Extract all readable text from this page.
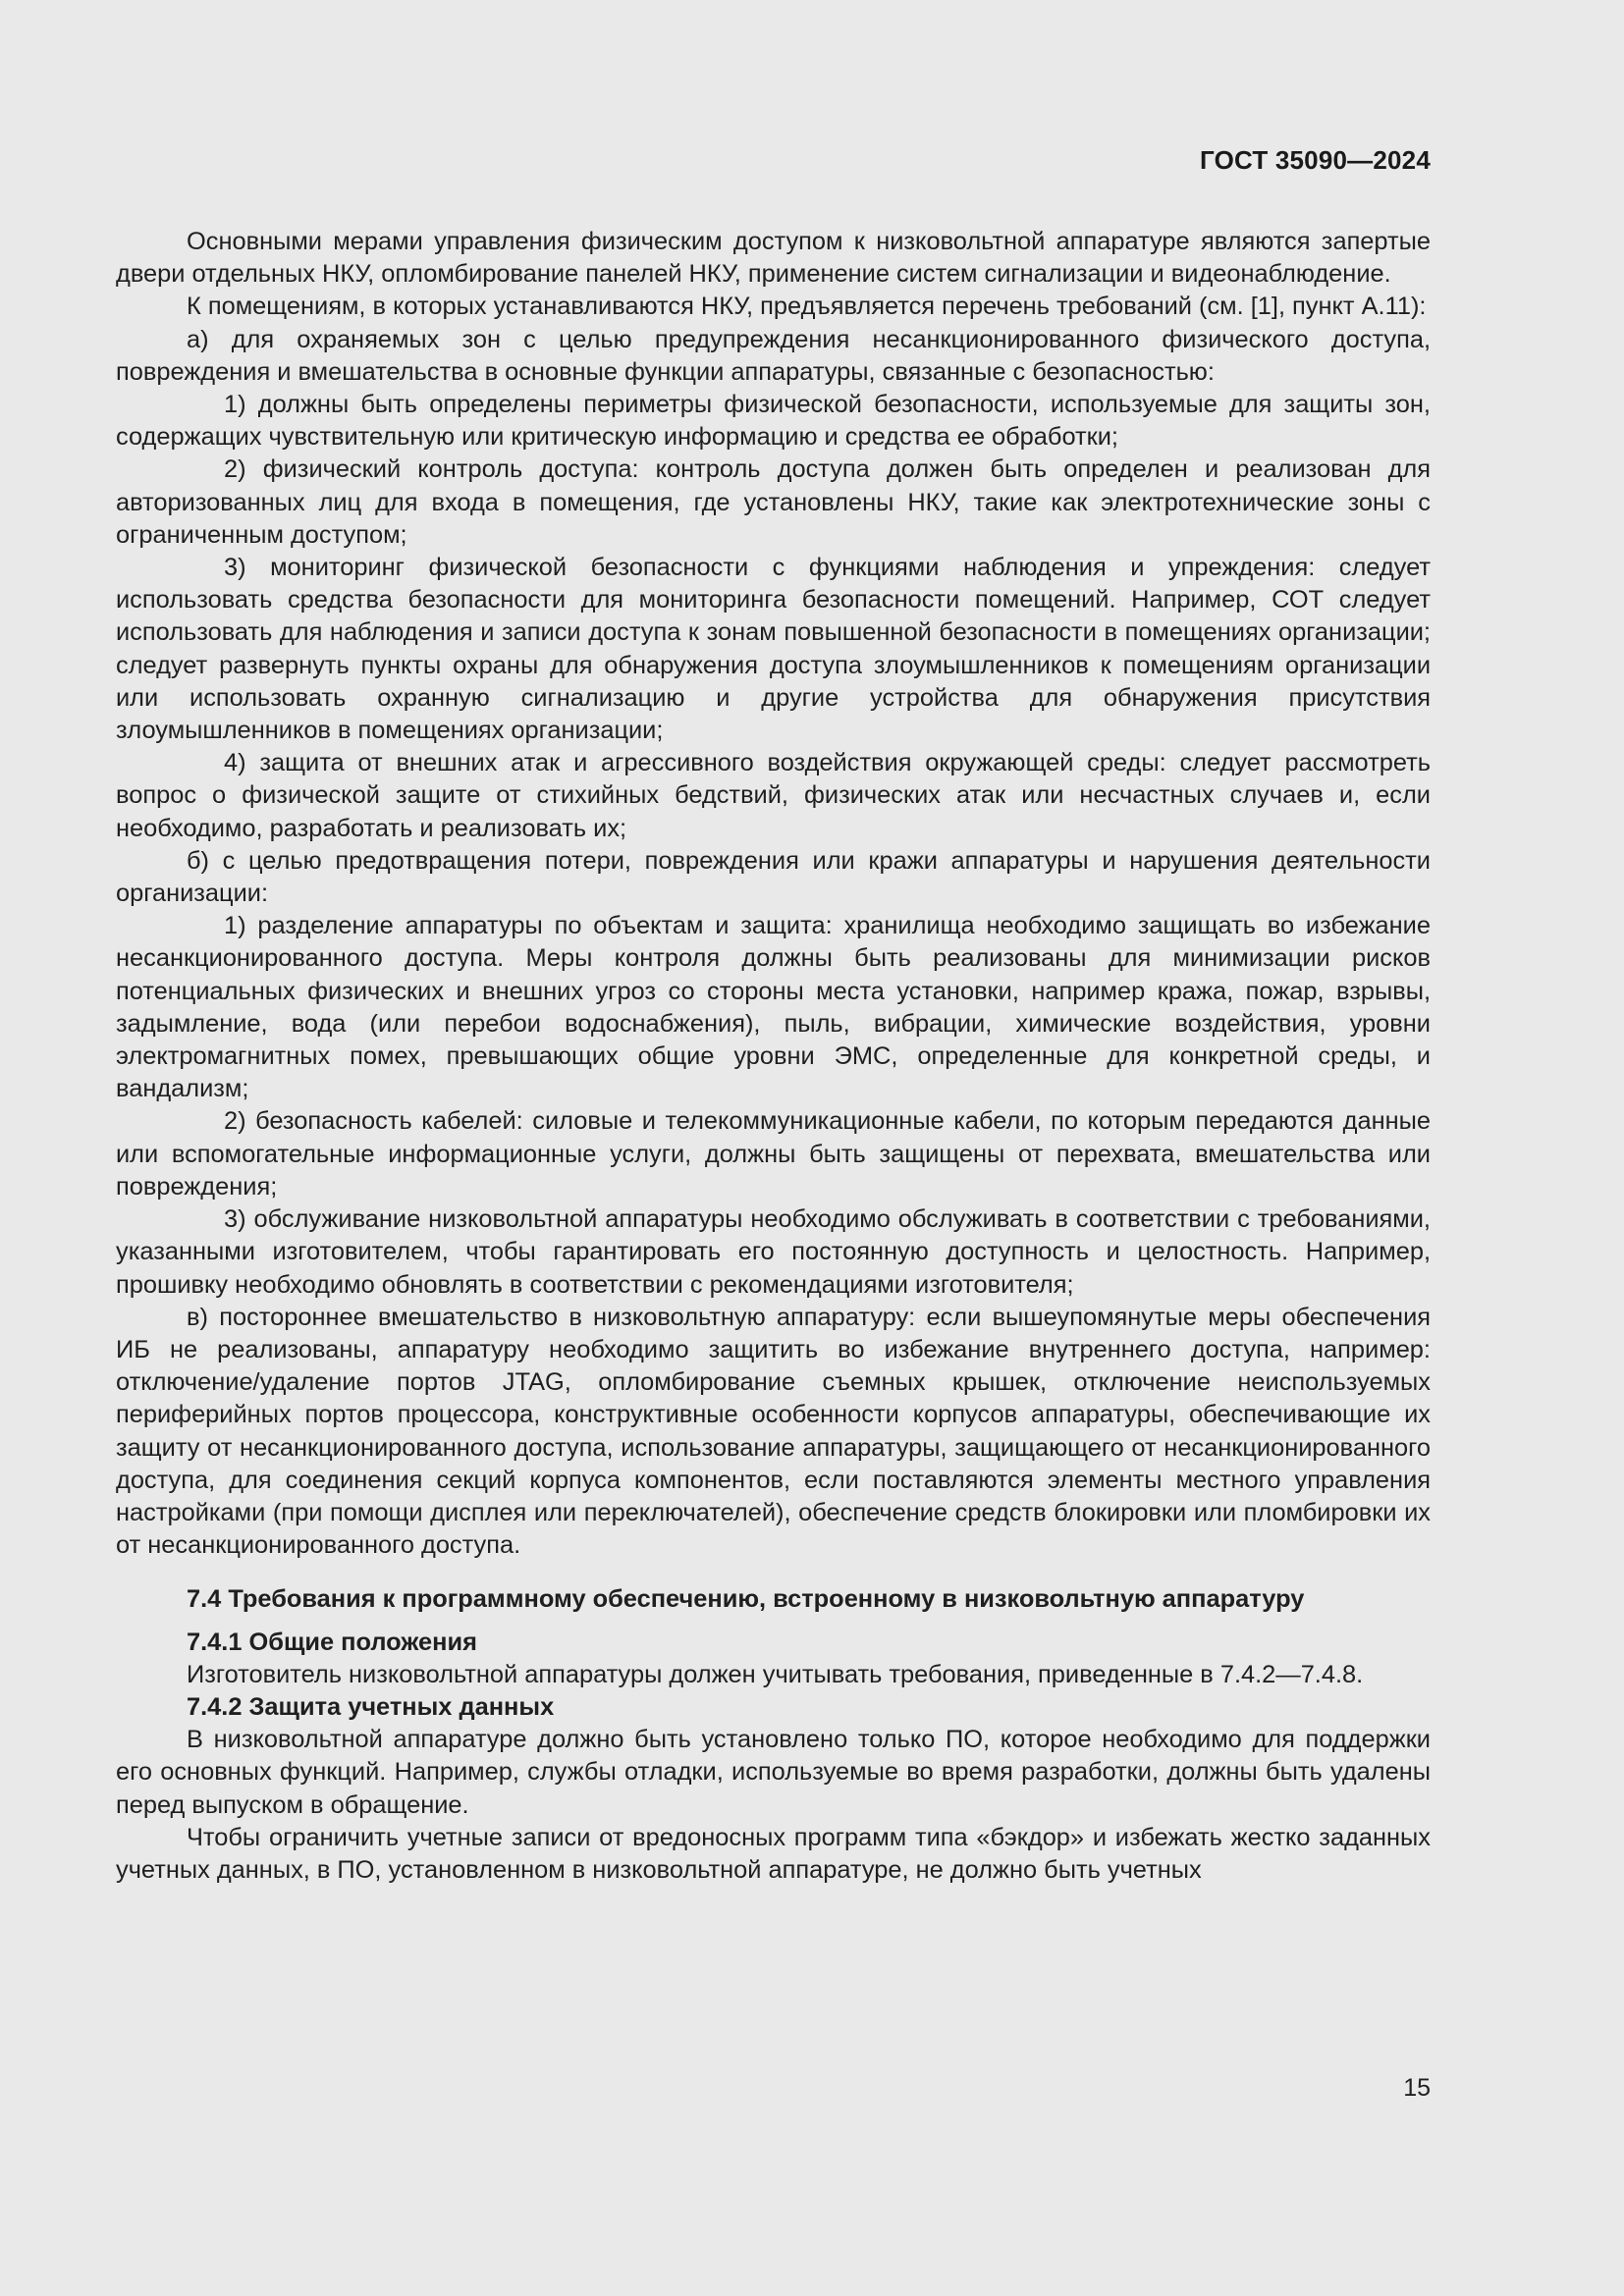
ГОСТ 35090—2024

Основными мерами управления физическим доступом к низковольтной аппаратуре являются запертые двери отдельных НКУ, опломбирование панелей НКУ, применение систем сигнализации и видеонаблюдение.

К помещениям, в которых устанавливаются НКУ, предъявляется перечень требований (см. [1], пункт А.11):

а) для охраняемых зон с целью предупреждения несанкционированного физического доступа, повреждения и вмешательства в основные функции аппаратуры, связанные с безопасностью:

1) должны быть определены периметры физической безопасности, используемые для защиты зон, содержащих чувствительную или критическую информацию и средства ее обработки;

2) физический контроль доступа: контроль доступа должен быть определен и реализован для авторизованных лиц для входа в помещения, где установлены НКУ, такие как электротехнические зоны с ограниченным доступом;

3) мониторинг физической безопасности с функциями наблюдения и упреждения: следует использовать средства безопасности для мониторинга безопасности помещений. Например, СОТ следует использовать для наблюдения и записи доступа к зонам повышенной безопасности в помещениях организации; следует развернуть пункты охраны для обнаружения доступа злоумышленников к помещениям организации или использовать охранную сигнализацию и другие устройства для обнаружения присутствия злоумышленников в помещениях организации;

4) защита от внешних атак и агрессивного воздействия окружающей среды: следует рассмотреть вопрос о физической защите от стихийных бедствий, физических атак или несчастных случаев и, если необходимо, разработать и реализовать их;

б) с целью предотвращения потери, повреждения или кражи аппаратуры и нарушения деятельности организации:

1) разделение аппаратуры по объектам и защита: хранилища необходимо защищать во избежание несанкционированного доступа. Меры контроля должны быть реализованы для минимизации рисков потенциальных физических и внешних угроз со стороны места установки, например кража, пожар, взрывы, задымление, вода (или перебои водоснабжения), пыль, вибрации, химические воздействия, уровни электромагнитных помех, превышающих общие уровни ЭМС, определенные для конкретной среды, и вандализм;

2) безопасность кабелей: силовые и телекоммуникационные кабели, по которым передаются данные или вспомогательные информационные услуги, должны быть защищены от перехвата, вмешательства или повреждения;

3) обслуживание низковольтной аппаратуры необходимо обслуживать в соответствии с требованиями, указанными изготовителем, чтобы гарантировать его постоянную доступность и целостность. Например, прошивку необходимо обновлять в соответствии с рекомендациями изготовителя;

в) постороннее вмешательство в низковольтную аппаратуру: если вышеупомянутые меры обеспечения ИБ не реализованы, аппаратуру необходимо защитить во избежание внутреннего доступа, например: отключение/удаление портов JTAG, опломбирование съемных крышек, отключение неиспользуемых периферийных портов процессора, конструктивные особенности корпусов аппаратуры, обеспечивающие их защиту от несанкционированного доступа, использование аппаратуры, защищающего от несанкционированного доступа, для соединения секций корпуса компонентов, если поставляются элементы местного управления настройками (при помощи дисплея или переключателей), обеспечение средств блокировки или пломбировки их от несанкционированного доступа.

7.4 Требования к программному обеспечению, встроенному в низковольтную аппаратуру

7.4.1 Общие положения

Изготовитель низковольтной аппаратуры должен учитывать требования, приведенные в 7.4.2—7.4.8.

7.4.2 Защита учетных данных

В низковольтной аппаратуре должно быть установлено только ПО, которое необходимо для поддержки его основных функций. Например, службы отладки, используемые во время разработки, должны быть удалены перед выпуском в обращение.

Чтобы ограничить учетные записи от вредоносных программ типа «бэкдор» и избежать жестко заданных учетных данных, в ПО, установленном в низковольтной аппаратуре, не должно быть учетных

15
